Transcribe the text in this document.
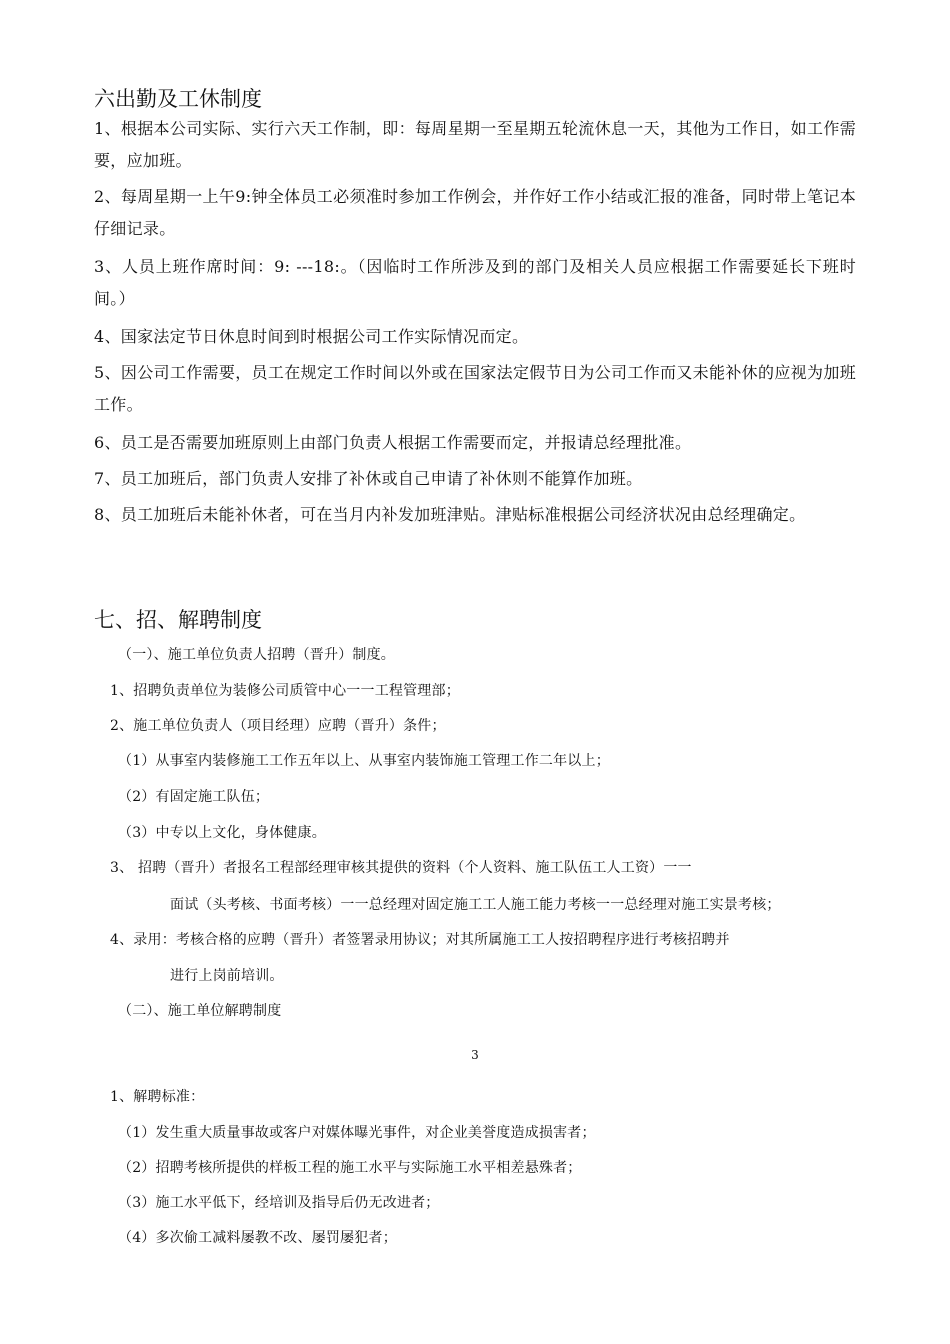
六出勤及工休制度
1、根据本公司实际、实行六天工作制，即：每周星期一至星期五轮流休息一天，其他为工作日，如工作需要，应加班。
2、每周星期一上午9:钟全体员工必须准时参加工作例会，并作好工作小结或汇报的准备，同时带上笔记本仔细记录。
3、人员上班作席时间：9: ---18:。（因临时工作所涉及到的部门及相关人员应根据工作需要延长下班时间。）
4、国家法定节日休息时间到时根据公司工作实际情况而定。
5、因公司工作需要，员工在规定工作时间以外或在国家法定假节日为公司工作而又未能补休的应视为加班工作。
6、员工是否需要加班原则上由部门负责人根据工作需要而定，并报请总经理批准。
7、员工加班后，部门负责人安排了补休或自己申请了补休则不能算作加班。
8、员工加班后未能补休者，可在当月内补发加班津贴。津贴标准根据公司经济状况由总经理确定。
七、招、解聘制度
（一）、施工单位负责人招聘（晋升）制度。
1、招聘负责单位为装修公司质管中心一一工程管理部；
2、施工单位负责人（项目经理）应聘（晋升）条件；
（1）从事室内装修施工工作五年以上、从事室内装饰施工管理工作二年以上；
（2）有固定施工队伍；
（3）中专以上文化，身体健康。
3、 招聘（晋升）者报名工程部经理审核其提供的资料（个人资料、施工队伍工人工资）一一
面试（头考核、书面考核）一一总经理对固定施工工人施工能力考核一一总经理对施工实景考核；
4、录用：考核合格的应聘（晋升）者签署录用协议；对其所属施工工人按招聘程序进行考核招聘并
进行上岗前培训。
（二）、施工单位解聘制度
3
1、解聘标准：
（1）发生重大质量事故或客户对媒体曝光事件，对企业美誉度造成损害者；
（2）招聘考核所提供的样板工程的施工水平与实际施工水平相差悬殊者；
（3）施工水平低下，经培训及指导后仍无改进者；
（4）多次偷工减料屡教不改、屡罚屡犯者；
